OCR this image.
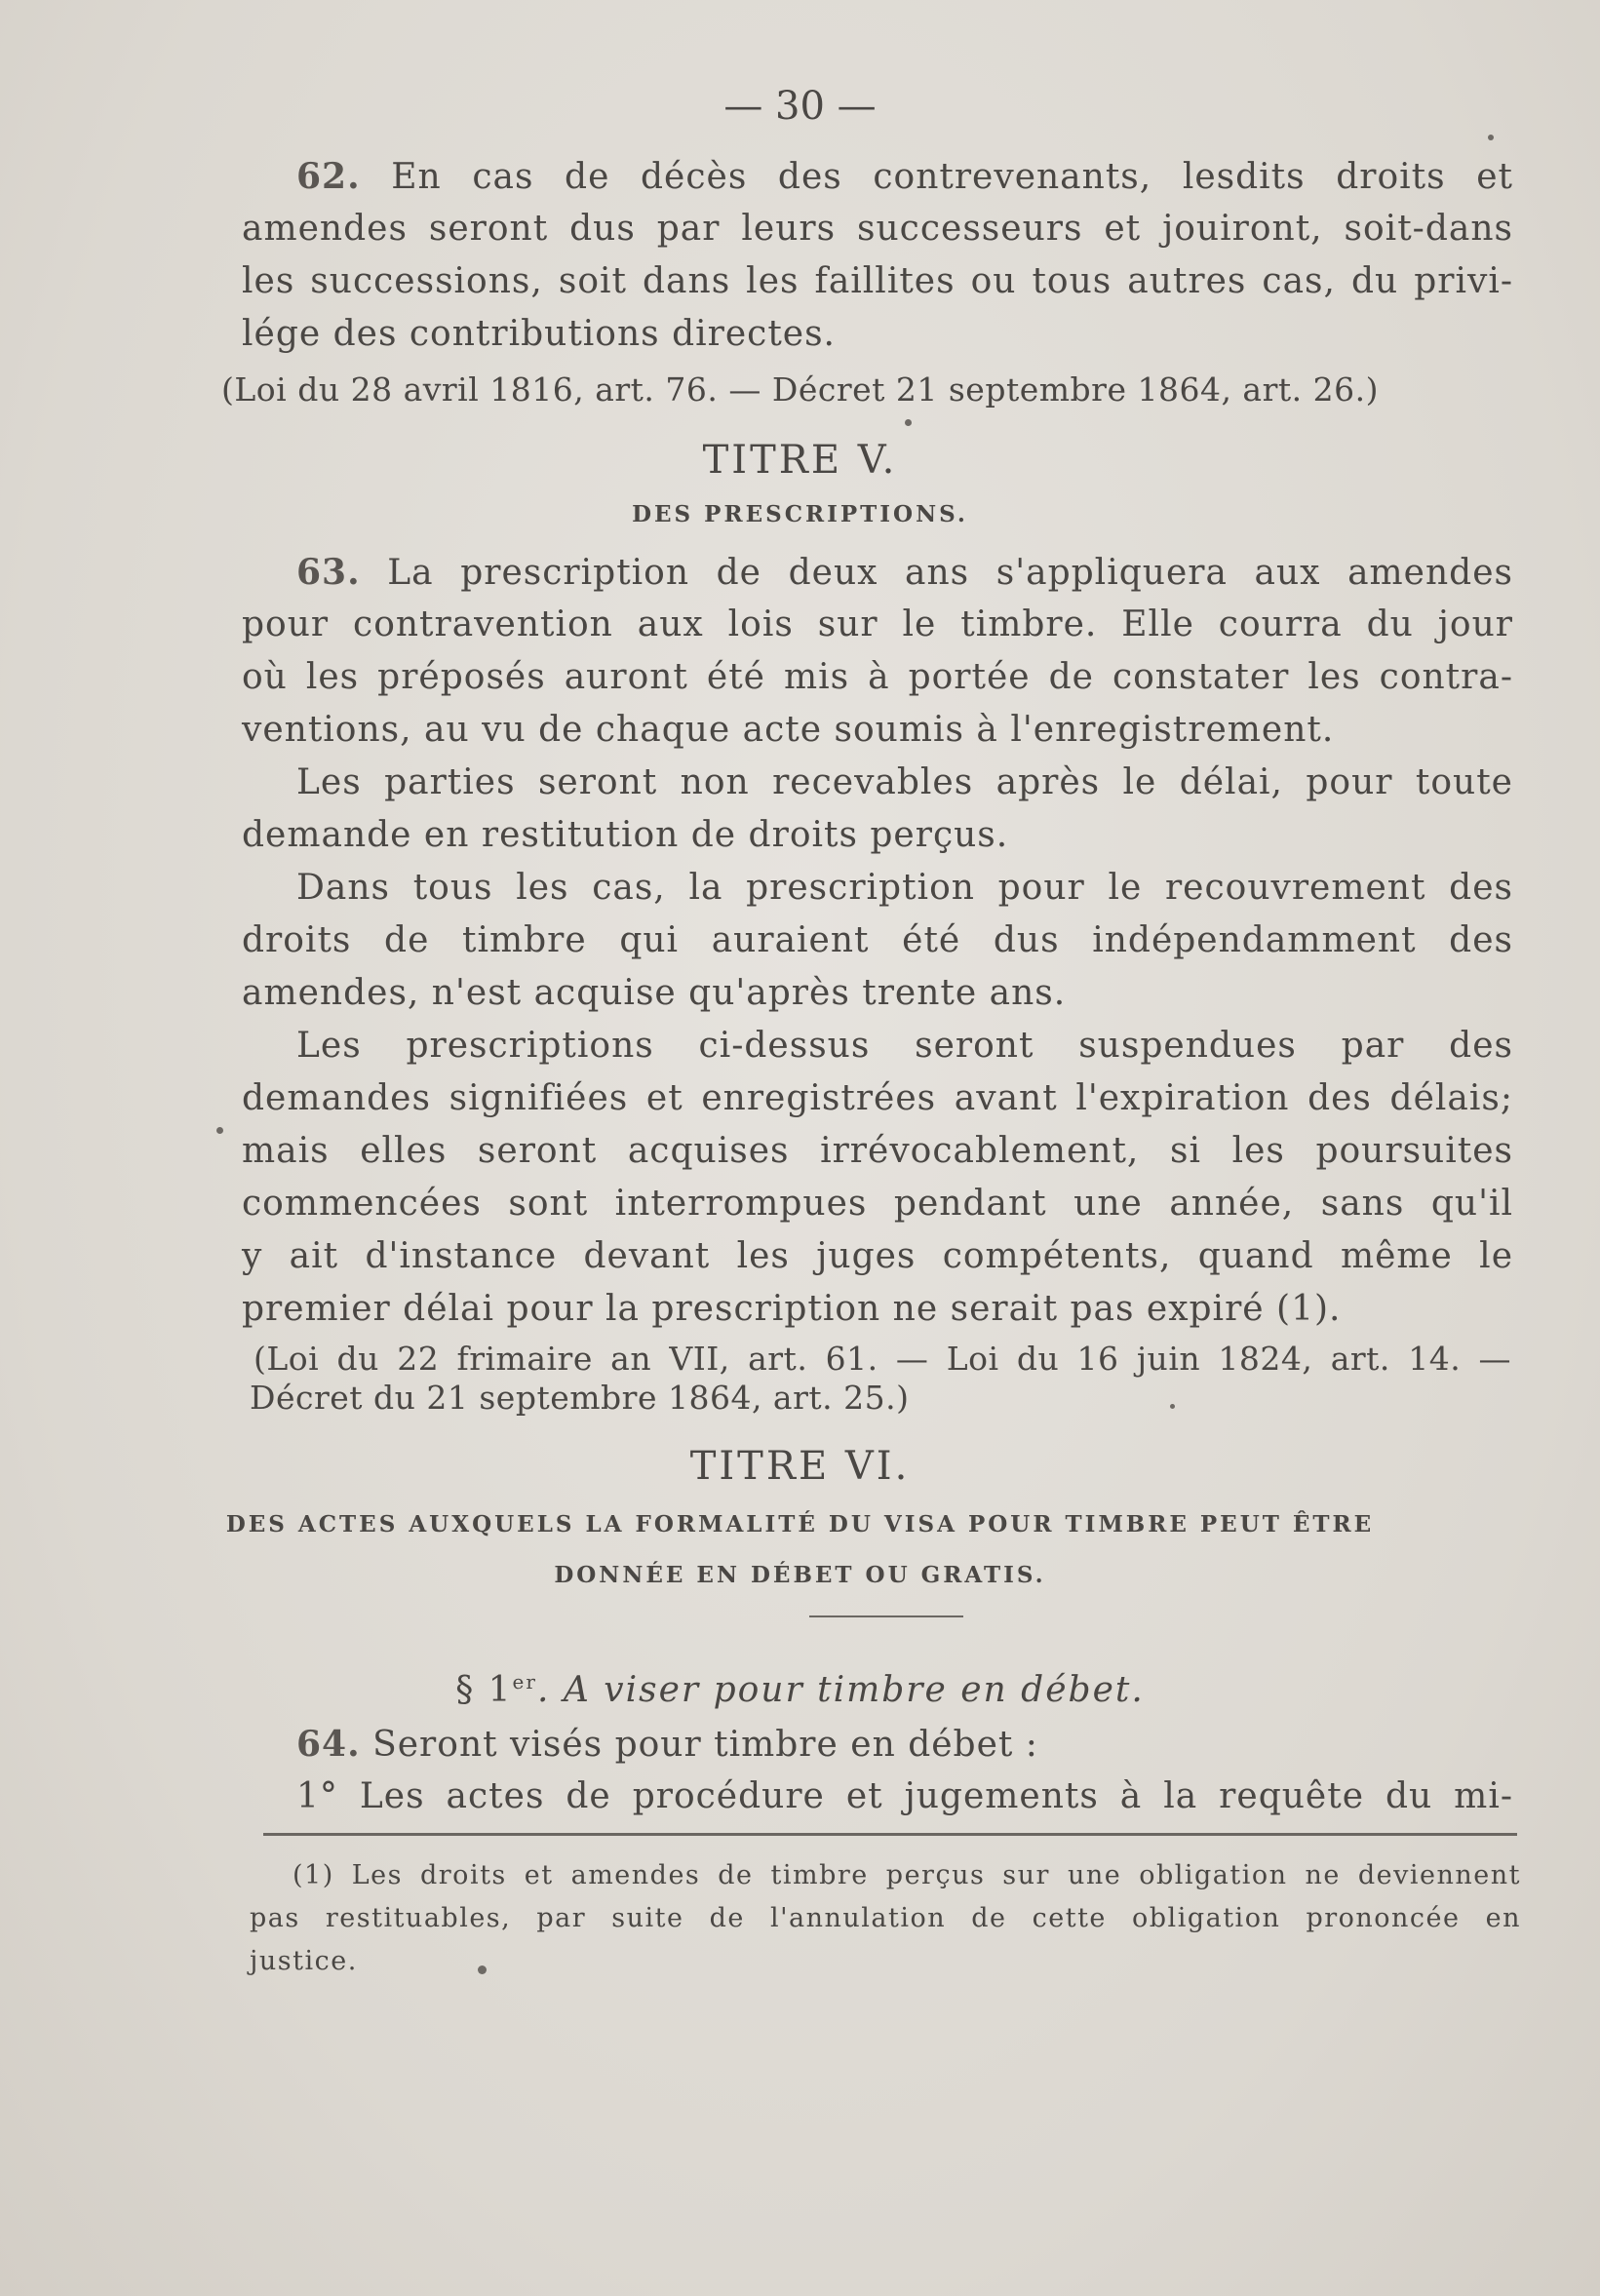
— 30 —
62. En cas de décès des contrevenants, lesdits droits et
amendes seront dus par leurs successeurs et jouiront, soit-dans
les successions, soit dans les faillites ou tous autres cas, du privi-
lége des contributions directes.
(Loi du 28 avril 1816, art. 76. — Décret 21 septembre 1864, art. 26.)
TITRE V.
DES PRESCRIPTIONS.
63. La prescription de deux ans s'appliquera aux amendes
pour contravention aux lois sur le timbre. Elle courra du jour
où les préposés auront été mis à portée de constater les contra-
ventions, au vu de chaque acte soumis à l'enregistrement.
Les parties seront non recevables après le délai, pour toute
demande en restitution de droits perçus.
Dans tous les cas, la prescription pour le recouvrement des
droits de timbre qui auraient été dus indépendamment des
amendes, n'est acquise qu'après trente ans.
Les prescriptions ci-dessus seront suspendues par des
demandes signifiées et enregistrées avant l'expiration des délais;
mais elles seront acquises irrévocablement, si les poursuites
commencées sont interrompues pendant une année, sans qu'il
y ait d'instance devant les juges compétents, quand même le
premier délai pour la prescription ne serait pas expiré (1).
(Loi du 22 frimaire an VII, art. 61. — Loi du 16 juin 1824, art. 14. —
Décret du 21 septembre 1864, art. 25.)
TITRE VI.
DES ACTES AUXQUELS LA FORMALITÉ DU VISA POUR TIMBRE PEUT ÊTRE
DONNÉE EN DÉBET OU GRATIS.
§ 1er. A viser pour timbre en débet.
64. Seront visés pour timbre en débet :
1° Les actes de procédure et jugements à la requête du mi-
(1) Les droits et amendes de timbre perçus sur une obligation ne deviennent
pas restituables, par suite de l'annulation de cette obligation prononcée en
justice.
